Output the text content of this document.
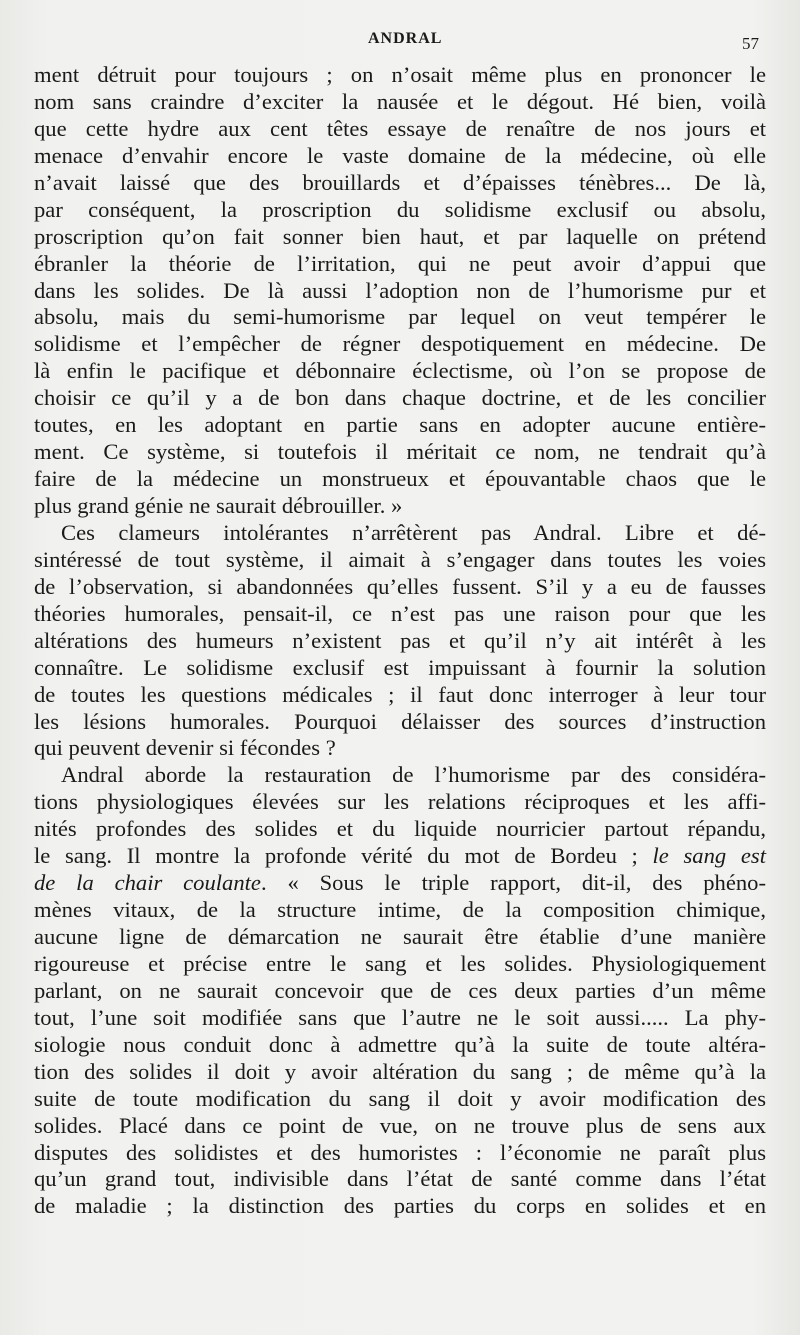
ANDRAL	57
ment détruit pour toujours ; on n’osait même plus en prononcer le
nom sans craindre d’exciter la nausée et le dégout. Hé bien, voilà
que cette hydre aux cent têtes essaye de renaître de nos jours et
menace d’envahir encore le vaste domaine de la médecine, où elle
n’avait laissé que des brouillards et d’épaisses ténèbres... De là,
par conséquent, la proscription du solidisme exclusif ou absolu,
proscription qu’on fait sonner bien haut, et par laquelle on prétend
ébranler la théorie de l’irritation, qui ne peut avoir d’appui que
dans les solides. De là aussi l’adoption non de l’humorisme pur et
absolu, mais du semi-humorisme par lequel on veut tempérer le
solidisme et l’empêcher de régner despotiquement en médecine. De
là enfin le pacifique et débonnaire éclectisme, où l’on se propose de
choisir ce qu’il y a de bon dans chaque doctrine, et de les concilier
toutes, en les adoptant en partie sans en adopter aucune entière-
ment. Ce système, si toutefois il méritait ce nom, ne tendrait qu’à
faire de la médecine un monstrueux et épouvantable chaos que le
plus grand génie ne saurait débrouiller. »
Ces clameurs intolérantes n’arrêtèrent pas Andral. Libre et dé-
sintéressé de tout système, il aimait à s’engager dans toutes les voies
de l’observation, si abandonnées qu’elles fussent. S’il y a eu de fausses
théories humorales, pensait-il, ce n’est pas une raison pour que les
altérations des humeurs n’existent pas et qu’il n’y ait intérêt à les
connaître. Le solidisme exclusif est impuissant à fournir la solution
de toutes les questions médicales ; il faut donc interroger à leur tour
les lésions humorales. Pourquoi délaisser des sources d’instruction
qui peuvent devenir si fécondes ?
Andral aborde la restauration de l’humorisme par des considéra-
tions physiologiques élevées sur les relations réciproques et les affi-
nités profondes des solides et du liquide nourricier partout répandu,
le sang. Il montre la profonde vérité du mot de Bordeu ; le sang est
de la chair coulante. « Sous le triple rapport, dit-il, des phéno-
mènes vitaux, de la structure intime, de la composition chimique,
aucune ligne de démarcation ne saurait être établie d’une manière
rigoureuse et précise entre le sang et les solides. Physiologiquement
parlant, on ne saurait concevoir que de ces deux parties d’un même
tout, l’une soit modifiée sans que l’autre ne le soit aussi..... La phy-
siologie nous conduit donc à admettre qu’à la suite de toute altéra-
tion des solides il doit y avoir altération du sang ; de même qu’à la
suite de toute modification du sang il doit y avoir modification des
solides. Placé dans ce point de vue, on ne trouve plus de sens aux
disputes des solidistes et des humoristes : l’économie ne paraît plus
qu’un grand tout, indivisible dans l’état de santé comme dans l’état
de maladie ; la distinction des parties du corps en solides et en
